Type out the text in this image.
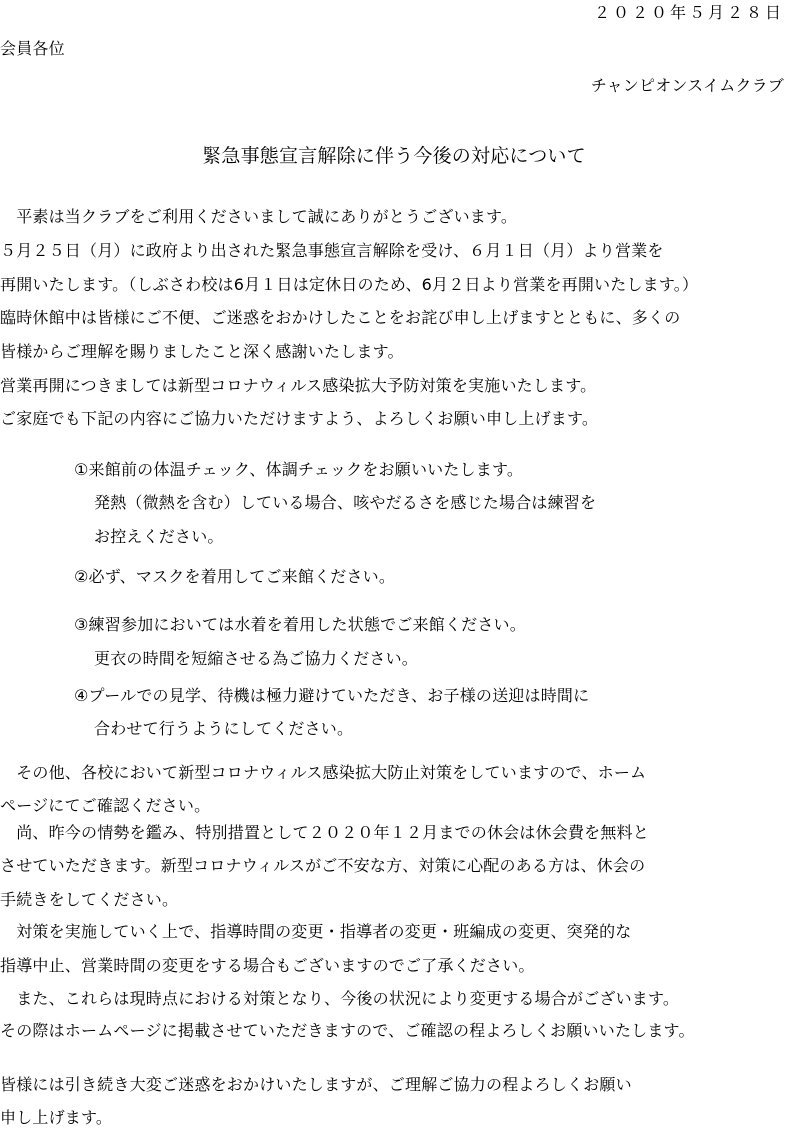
２０２０年５月２８日
会員各位
チャンピオンスイムクラブ
緊急事態宣言解除に伴う今後の対応について
　平素は当クラブをご利用くださいまして誠にありがとうございます。
５月２５日（月）に政府より出された緊急事態宣言解除を受け、６月１日（月）より営業を
再開いたします。（しぶさわ校は6月１日は定休日のため、6月２日より営業を再開いたします。）
臨時休館中は皆様にご不便、ご迷惑をおかけしたことをお詫び申し上げますとともに、多くの
皆様からご理解を賜りましたこと深く感謝いたします。
営業再開につきましては新型コロナウィルス感染拡大予防対策を実施いたします。
ご家庭でも下記の内容にご協力いただけますよう、よろしくお願い申し上げます。
①来館前の体温チェック、体調チェックをお願いいたします。
発熱（微熱を含む）している場合、咳やだるさを感じた場合は練習を
お控えください。
②必ず、マスクを着用してご来館ください。
③練習参加においては水着を着用した状態でご来館ください。
更衣の時間を短縮させる為ご協力ください。
④プールでの見学、待機は極力避けていただき、お子様の送迎は時間に
合わせて行うようにしてください。
　その他、各校において新型コロナウィルス感染拡大防止対策をしていますので、ホーム
ページにてご確認ください。
　尚、昨今の情勢を鑑み、特別措置として２０２０年１２月までの休会は休会費を無料と
させていただきます。新型コロナウィルスがご不安な方、対策に心配のある方は、休会の
手続きをしてください。
　対策を実施していく上で、指導時間の変更・指導者の変更・班編成の変更、突発的な
指導中止、営業時間の変更をする場合もございますのでご了承ください。
　また、これらは現時点における対策となり、今後の状況により変更する場合がございます。
その際はホームページに掲載させていただきますので、ご確認の程よろしくお願いいたします。
皆様には引き続き大変ご迷惑をおかけいたしますが、ご理解ご協力の程よろしくお願い
申し上げます。
